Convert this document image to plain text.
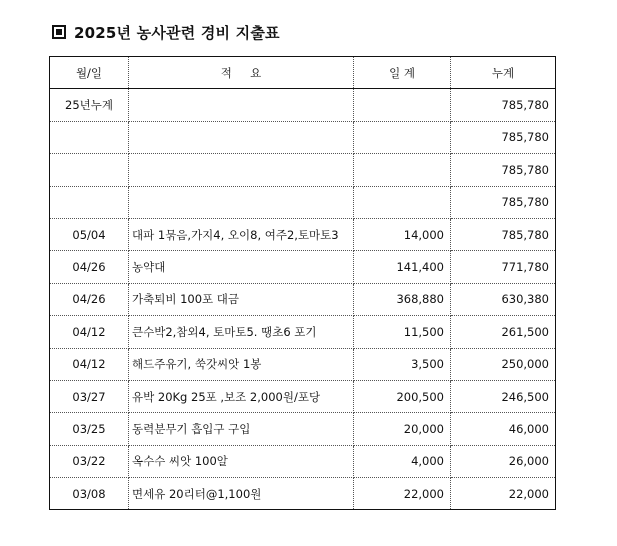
2025년 농사관련 경비 지출표
월/일	적     요	일 계	누계
25년누계			785,780
			785,780
			785,780
			785,780
05/04	대파 1묶음,가지4, 오이8, 여주2,토마토3	14,000	785,780
04/26	농약대	141,400	771,780
04/26	가축퇴비 100포 대금	368,880	630,380
04/12	큰수박2,참외4, 토마토5. 땡초6 포기	11,500	261,500
04/12	해드주유기, 쑥갓씨앗 1봉	3,500	250,000
03/27	유박 20Kg 25포 ,보조 2,000원/포당	200,500	246,500
03/25	동력분무기 흡입구 구입	20,000	46,000
03/22	옥수수 씨앗 100알	4,000	26,000
03/08	면세유 20리터@1,100원	22,000	22,000
